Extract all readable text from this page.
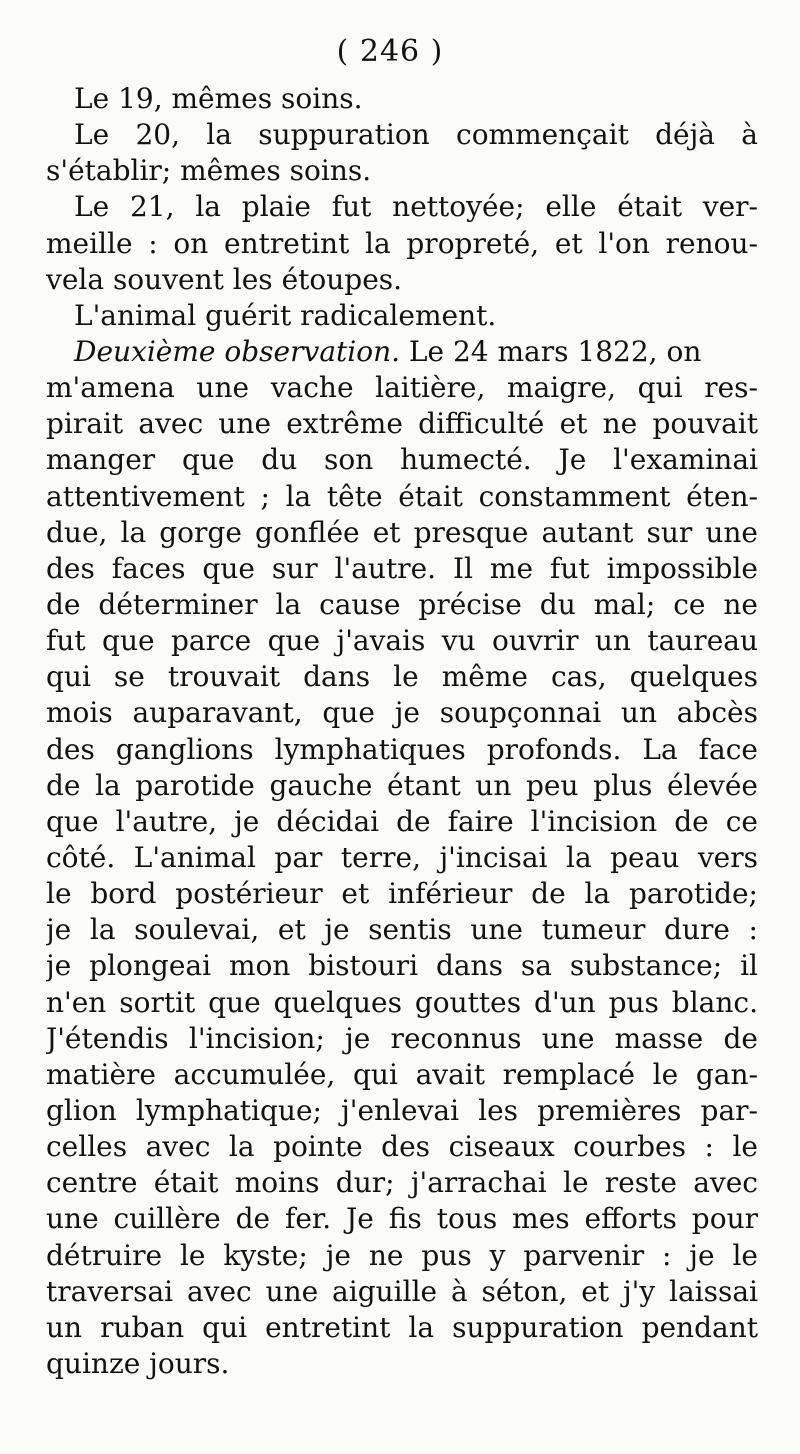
( 246 )
Le 19, mêmes soins.
Le 20, la suppuration commençait déjà à
s'établir; mêmes soins.
Le 21, la plaie fut nettoyée; elle était ver-
meille : on entretint la propreté, et l'on renou-
vela souvent les étoupes.
L'animal guérit radicalement.
Deuxième observation. Le 24 mars 1822, on
m'amena une vache laitière, maigre, qui res-
pirait avec une extrême difficulté et ne pouvait
manger que du son humecté. Je l'examinai
attentivement ; la tête était constamment éten-
due, la gorge gonflée et presque autant sur une
des faces que sur l'autre. Il me fut impossible
de déterminer la cause précise du mal; ce ne
fut que parce que j'avais vu ouvrir un taureau
qui se trouvait dans le même cas, quelques
mois auparavant, que je soupçonnai un abcès
des ganglions lymphatiques profonds. La face
de la parotide gauche étant un peu plus élevée
que l'autre, je décidai de faire l'incision de ce
côté. L'animal par terre, j'incisai la peau vers
le bord postérieur et inférieur de la parotide;
je la soulevai, et je sentis une tumeur dure :
je plongeai mon bistouri dans sa substance; il
n'en sortit que quelques gouttes d'un pus blanc.
J'étendis l'incision; je reconnus une masse de
matière accumulée, qui avait remplacé le gan-
glion lymphatique; j'enlevai les premières par-
celles avec la pointe des ciseaux courbes : le
centre était moins dur; j'arrachai le reste avec
une cuillère de fer. Je fis tous mes efforts pour
détruire le kyste; je ne pus y parvenir : je le
traversai avec une aiguille à séton, et j'y laissai
un ruban qui entretint la suppuration pendant
quinze jours.
